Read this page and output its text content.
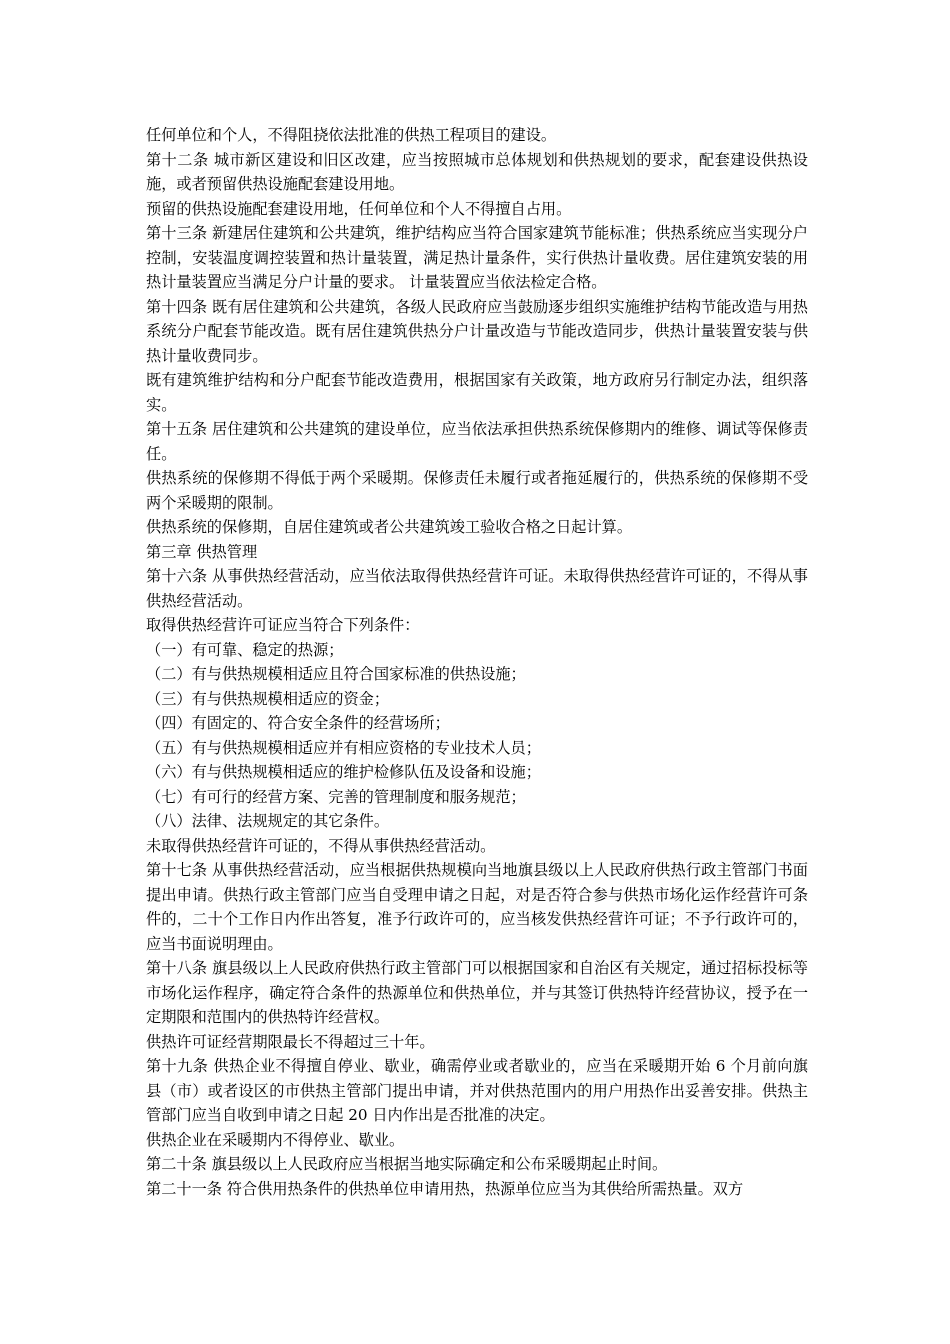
任何单位和个人，不得阻挠依法批准的供热工程项目的建设。

第十二条 城市新区建设和旧区改建，应当按照城市总体规划和供热规划的要求，配套建设供热设施，或者预留供热设施配套建设用地。

预留的供热设施配套建设用地，任何单位和个人不得擅自占用。

第十三条 新建居住建筑和公共建筑，维护结构应当符合国家建筑节能标准；供热系统应当实现分户控制，安装温度调控装置和热计量装置，满足热计量条件，实行供热计量收费。居住建筑安装的用热计量装置应当满足分户计量的要求。 计量装置应当依法检定合格。

第十四条 既有居住建筑和公共建筑，各级人民政府应当鼓励逐步组织实施维护结构节能改造与用热系统分户配套节能改造。既有居住建筑供热分户计量改造与节能改造同步，供热计量装置安装与供热计量收费同步。

既有建筑维护结构和分户配套节能改造费用，根据国家有关政策，地方政府另行制定办法，组织落实。

第十五条 居住建筑和公共建筑的建设单位，应当依法承担供热系统保修期内的维修、调试等保修责任。

供热系统的保修期不得低于两个采暖期。保修责任未履行或者拖延履行的，供热系统的保修期不受两个采暖期的限制。

供热系统的保修期，自居住建筑或者公共建筑竣工验收合格之日起计算。

第三章 供热管理

第十六条 从事供热经营活动，应当依法取得供热经营许可证。未取得供热经营许可证的，不得从事供热经营活动。

取得供热经营许可证应当符合下列条件：

（一）有可靠、稳定的热源；

（二）有与供热规模相适应且符合国家标准的供热设施；

（三）有与供热规模相适应的资金；

（四）有固定的、符合安全条件的经营场所；

（五）有与供热规模相适应并有相应资格的专业技术人员；

（六）有与供热规模相适应的维护检修队伍及设备和设施；

（七）有可行的经营方案、完善的管理制度和服务规范；

（八）法律、法规规定的其它条件。

未取得供热经营许可证的，不得从事供热经营活动。

第十七条 从事供热经营活动，应当根据供热规模向当地旗县级以上人民政府供热行政主管部门书面提出申请。供热行政主管部门应当自受理申请之日起，对是否符合参与供热市场化运作经营许可条件的，二十个工作日内作出答复，准予行政许可的，应当核发供热经营许可证；不予行政许可的，应当书面说明理由。

第十八条 旗县级以上人民政府供热行政主管部门可以根据国家和自治区有关规定，通过招标投标等市场化运作程序，确定符合条件的热源单位和供热单位，并与其签订供热特许经营协议，授予在一定期限和范围内的供热特许经营权。

供热许可证经营期限最长不得超过三十年。

第十九条 供热企业不得擅自停业、歇业，确需停业或者歇业的，应当在采暖期开始 6 个月前向旗县（市）或者设区的市供热主管部门提出申请，并对供热范围内的用户用热作出妥善安排。供热主管部门应当自收到申请之日起 20 日内作出是否批准的决定。

供热企业在采暖期内不得停业、歇业。

第二十条 旗县级以上人民政府应当根据当地实际确定和公布采暖期起止时间。

第二十一条 符合供用热条件的供热单位申请用热，热源单位应当为其供给所需热量。双方
